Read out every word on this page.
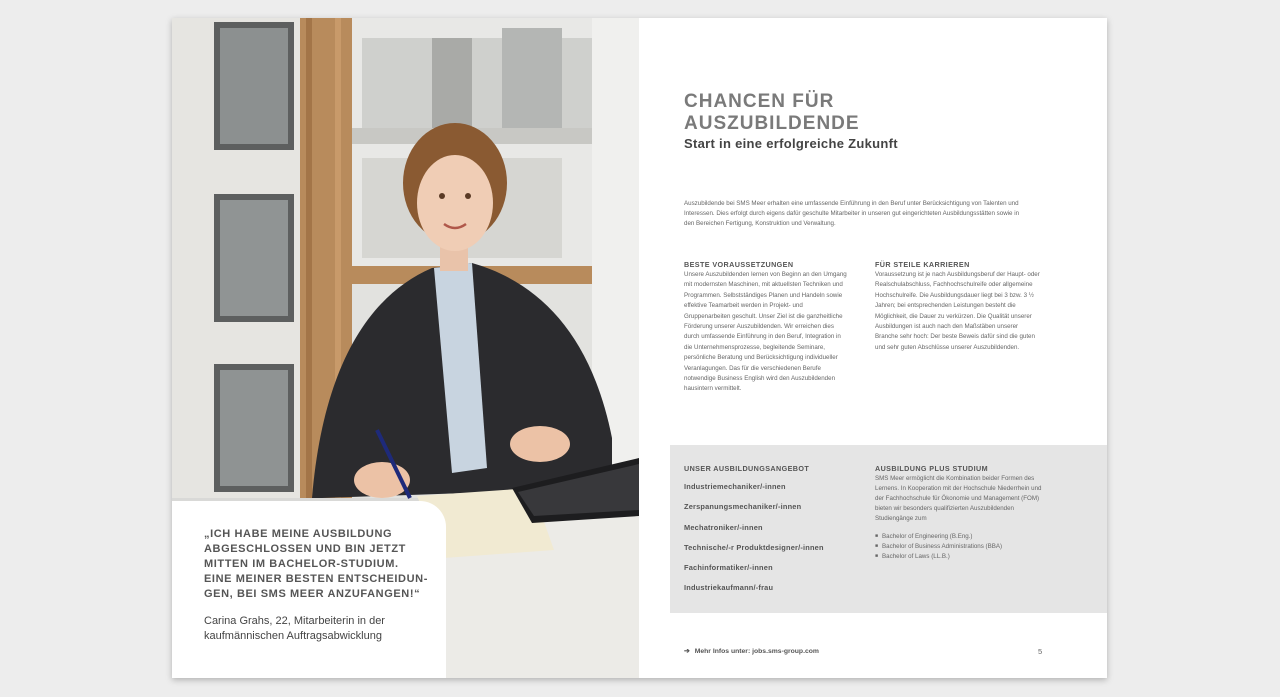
„ICH HABE MEINE AUSBILDUNG ABGESCHLOSSEN UND BIN JETZT MITTEN IM BACHELOR-STUDIUM. EINE MEINER BESTEN ENTSCHEIDUN-GEN, BEI SMS MEER ANZUFANGEN!“

Carina Grahs, 22, Mitarbeiterin in der kaufmännischen Auftragsabwicklung

CHANCEN FÜR AUSZUBILDENDE
Start in eine erfolgreiche Zukunft

Auszubildende bei SMS Meer erhalten eine umfassende Einführung in den Beruf unter Berücksichtigung von Talenten und Interessen. Dies erfolgt durch eigens dafür geschulte Mitarbeiter in unseren gut eingerichteten Ausbildungsstätten sowie in den Bereichen Fertigung, Konstruktion und Verwaltung.

BESTE VORAUSSETZUNGEN

Unsere Auszubildenden lernen von Beginn an den Umgang mit modernsten Maschinen, mit aktuellsten Techniken und Programmen. Selbstständiges Planen und Handeln sowie effektive Teamarbeit werden in Projekt- und Gruppenarbeiten geschult. Unser Ziel ist die ganzheitliche Förderung unserer Auszubildenden. Wir erreichen dies durch umfassende Einführung in den Beruf, Integration in die Unternehmensprozesse, begleitende Seminare, persönliche Beratung und Berücksichtigung individueller Veranlagungen. Das für die verschiedenen Berufe notwendige Business English wird den Auszubildenden hausintern vermittelt.

FÜR STEILE KARRIEREN

Voraussetzung ist je nach Ausbildungsberuf der Haupt- oder Realschulabschluss, Fachhochschulreife oder allgemeine Hochschulreife. Die Ausbildungsdauer liegt bei 3 bzw. 3 ½ Jahren; bei entsprechenden Leistungen besteht die Möglichkeit, die Dauer zu verkürzen. Die Qualität unserer Ausbildungen ist auch nach den Maßstäben unserer Branche sehr hoch: Der beste Beweis dafür sind die guten und sehr guten Abschlüsse unserer Auszubildenden.

UNSER AUSBILDUNGSANGEBOT
Industriemechaniker/-innen
Zerspanungsmechaniker/-innen
Mechatroniker/-innen
Technische/-r Produktdesigner/-innen
Fachinformatiker/-innen
Industriekaufmann/-frau
AUSBILDUNG PLUS STUDIUM

SMS Meer ermöglicht die Kombination beider Formen des Lernens. In Kooperation mit der Hochschule Niederrhein und der Fachhochschule für Ökonomie und Management (FOM) bieten wir besonders qualifizierten Auszubildenden Studiengänge zum

■ Bachelor of Engineering (B.Eng.)
■ Bachelor of Business Administrations (BBA)
■ Bachelor of Laws (LL.B.)
➔ Mehr Infos unter: jobs.sms-group.com	5
